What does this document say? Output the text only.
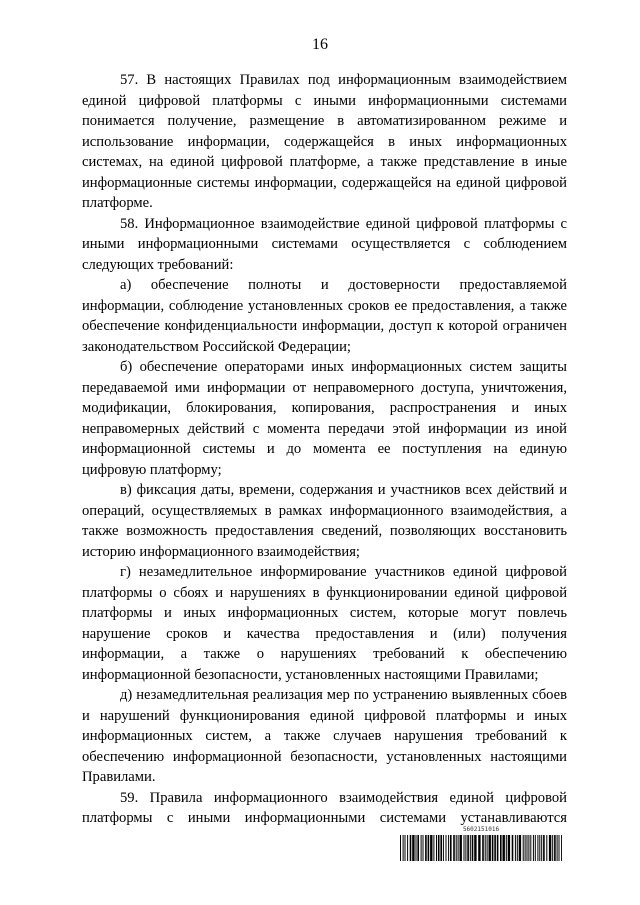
16

57. В настоящих Правилах под информационным взаимодействием единой цифровой платформы с иными информационными системами понимается получение, размещение в автоматизированном режиме и использование информации, содержащейся в иных информационных системах, на единой цифровой платформе, а также представление в иные информационные системы информации, содержащейся на единой цифровой платформе.

58. Информационное взаимодействие единой цифровой платформы с иными информационными системами осуществляется с соблюдением следующих требований:

а) обеспечение полноты и достоверности предоставляемой информации, соблюдение установленных сроков ее предоставления, а также обеспечение конфиденциальности информации, доступ к которой ограничен законодательством Российской Федерации;

б) обеспечение операторами иных информационных систем защиты передаваемой ими информации от неправомерного доступа, уничтожения, модификации, блокирования, копирования, распространения и иных неправомерных действий с момента передачи этой информации из иной информационной системы и до момента ее поступления на единую цифровую платформу;

в) фиксация даты, времени, содержания и участников всех действий и операций, осуществляемых в рамках информационного взаимодействия, а также возможность предоставления сведений, позволяющих восстановить историю информационного взаимодействия;

г) незамедлительное информирование участников единой цифровой платформы о сбоях и нарушениях в функционировании единой цифровой платформы и иных информационных систем, которые могут повлечь нарушение сроков и качества предоставления и (или) получения информации, а также о нарушениях требований к обеспечению информационной безопасности, установленных настоящими Правилами;

д) незамедлительная реализация мер по устранению выявленных сбоев и нарушений функционирования единой цифровой платформы и иных информационных систем, а также случаев нарушения требований к обеспечению информационной безопасности, установленных настоящими Правилами.

59. Правила информационного взаимодействия единой цифровой платформы с иными информационными системами устанавливаются

5602151016
